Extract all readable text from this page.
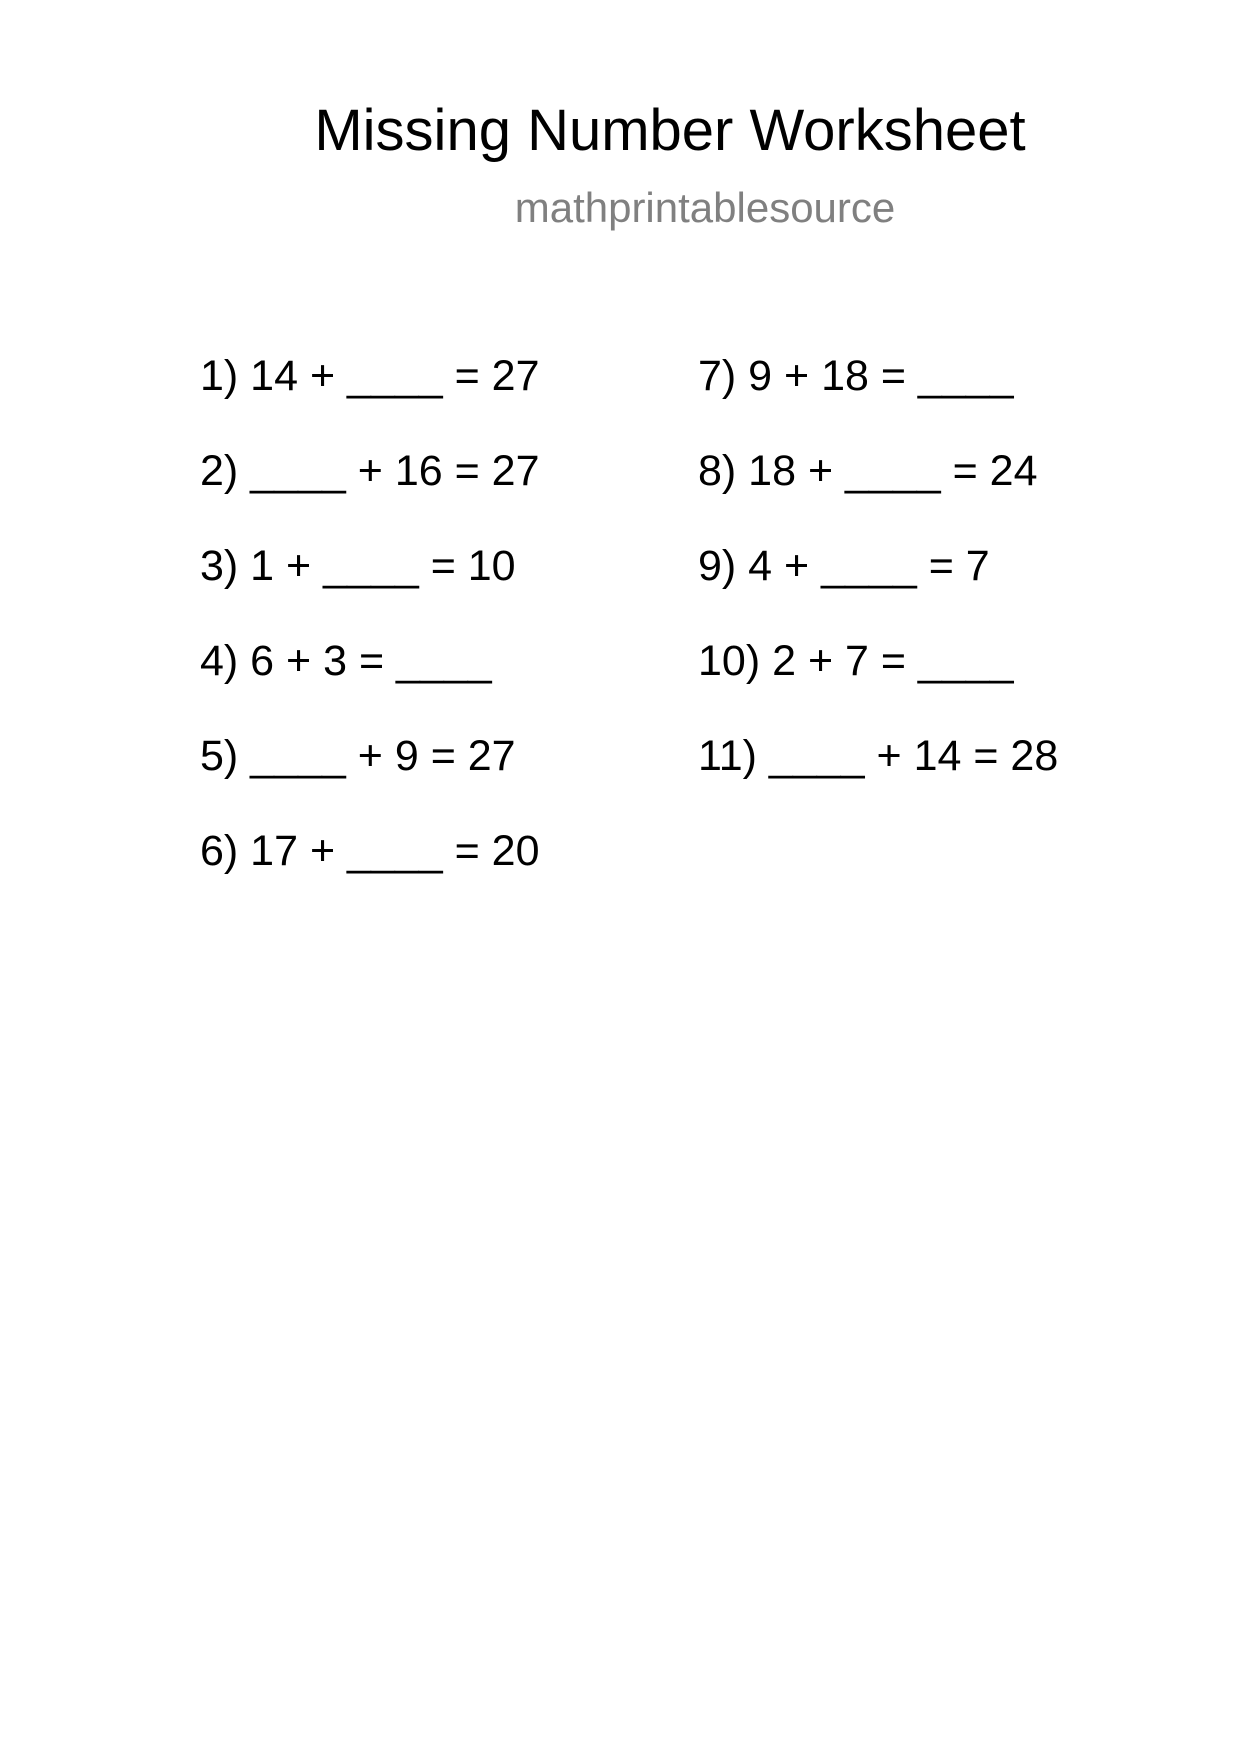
Missing Number Worksheet
mathprintablesource
1) 14 + ____ = 27
2) ____ + 16 = 27
3) 1 + ____ = 10
4) 6 + 3 = ____
5) ____ + 9 = 27
6) 17 + ____ = 20
7) 9 + 18 = ____
8) 18 + ____ = 24
9) 4 + ____ = 7
10) 2 + 7 = ____
11) ____ + 14 = 28
